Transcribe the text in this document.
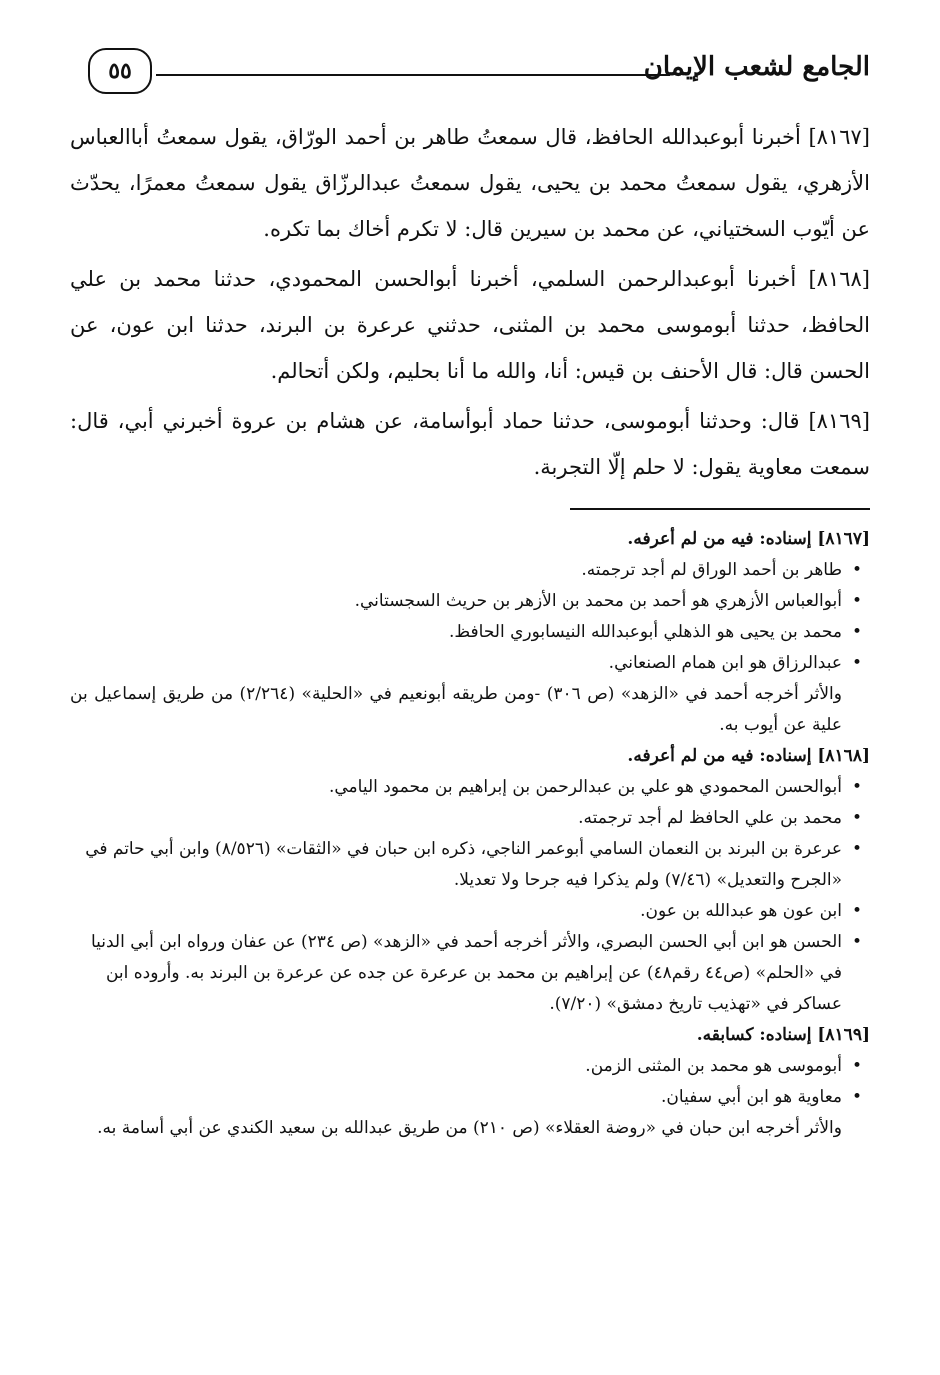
الجامع لشعب الإيمان
٥٥

[٨١٦٧] أخبرنا أبوعبدالله الحافظ، قال سمعتُ طاهر بن أحمد الورّاق، يقول سمعتُ أباالعباس الأزهري، يقول سمعتُ محمد بن يحيى، يقول سمعتُ عبدالرزّاق يقول سمعتُ معمرًا، يحدّث عن أيّوب السختياني، عن محمد بن سيرين قال: لا تكرم أخاك بما تكره.

[٨١٦٨] أخبرنا أبوعبدالرحمن السلمي، أخبرنا أبوالحسن المحمودي، حدثنا محمد بن علي الحافظ، حدثنا أبوموسى محمد بن المثنى، حدثني عرعرة بن البرند، حدثنا ابن عون، عن الحسن قال: قال الأحنف بن قيس: أنا، والله ما أنا بحليم، ولكن أتحالم.

[٨١٦٩] قال: وحدثنا أبوموسى، حدثنا حماد أبوأسامة، عن هشام بن عروة أخبرني أبي، قال: سمعت معاوية يقول: لا حلم إلّا التجربة.

[٨١٦٧] إسناده: فيه من لم أعرفه.

• طاهر بن أحمد الوراق لم أجد ترجمته.
• أبوالعباس الأزهري هو أحمد بن محمد بن الأزهر بن حريث السجستاني.
• محمد بن يحيى هو الذهلي أبوعبدالله النيسابوري الحافظ.
• عبدالرزاق هو ابن همام الصنعاني.

والأثر أخرجه أحمد في «الزهد» (ص ٣٠٦) -ومن طريقه أبونعيم في «الحلية» (٢/٢٦٤) من طريق إسماعيل بن علية عن أيوب به.

[٨١٦٨] إسناده: فيه من لم أعرفه.

• أبوالحسن المحمودي هو علي بن عبدالرحمن بن إبراهيم بن محمود اليامي.
• محمد بن علي الحافظ لم أجد ترجمته.
• عرعرة بن البرند بن النعمان السامي أبوعمر الناجي، ذكره ابن حبان في «الثقات» (٨/٥٢٦) وابن أبي حاتم في «الجرح والتعديل» (٧/٤٦) ولم يذكرا فيه جرحا ولا تعديلا.
• ابن عون هو عبدالله بن عون.
• الحسن هو ابن أبي الحسن البصري، والأثر أخرجه أحمد في «الزهد» (ص ٢٣٤) عن عفان ورواه ابن أبي الدنيا في «الحلم» (ص٤٤ رقم٤٨) عن إبراهيم بن محمد بن عرعرة عن جده عن عرعرة بن البرند به. وأروده ابن عساكر في «تهذيب تاريخ دمشق» (٧/٢٠).

[٨١٦٩] إسناده: كسابقه.

• أبوموسى هو محمد بن المثنى الزمن.
• معاوية هو ابن أبي سفيان.

والأثر أخرجه ابن حبان في «روضة العقلاء» (ص ٢١٠) من طريق عبدالله بن سعيد الكندي عن أبي أسامة به.
